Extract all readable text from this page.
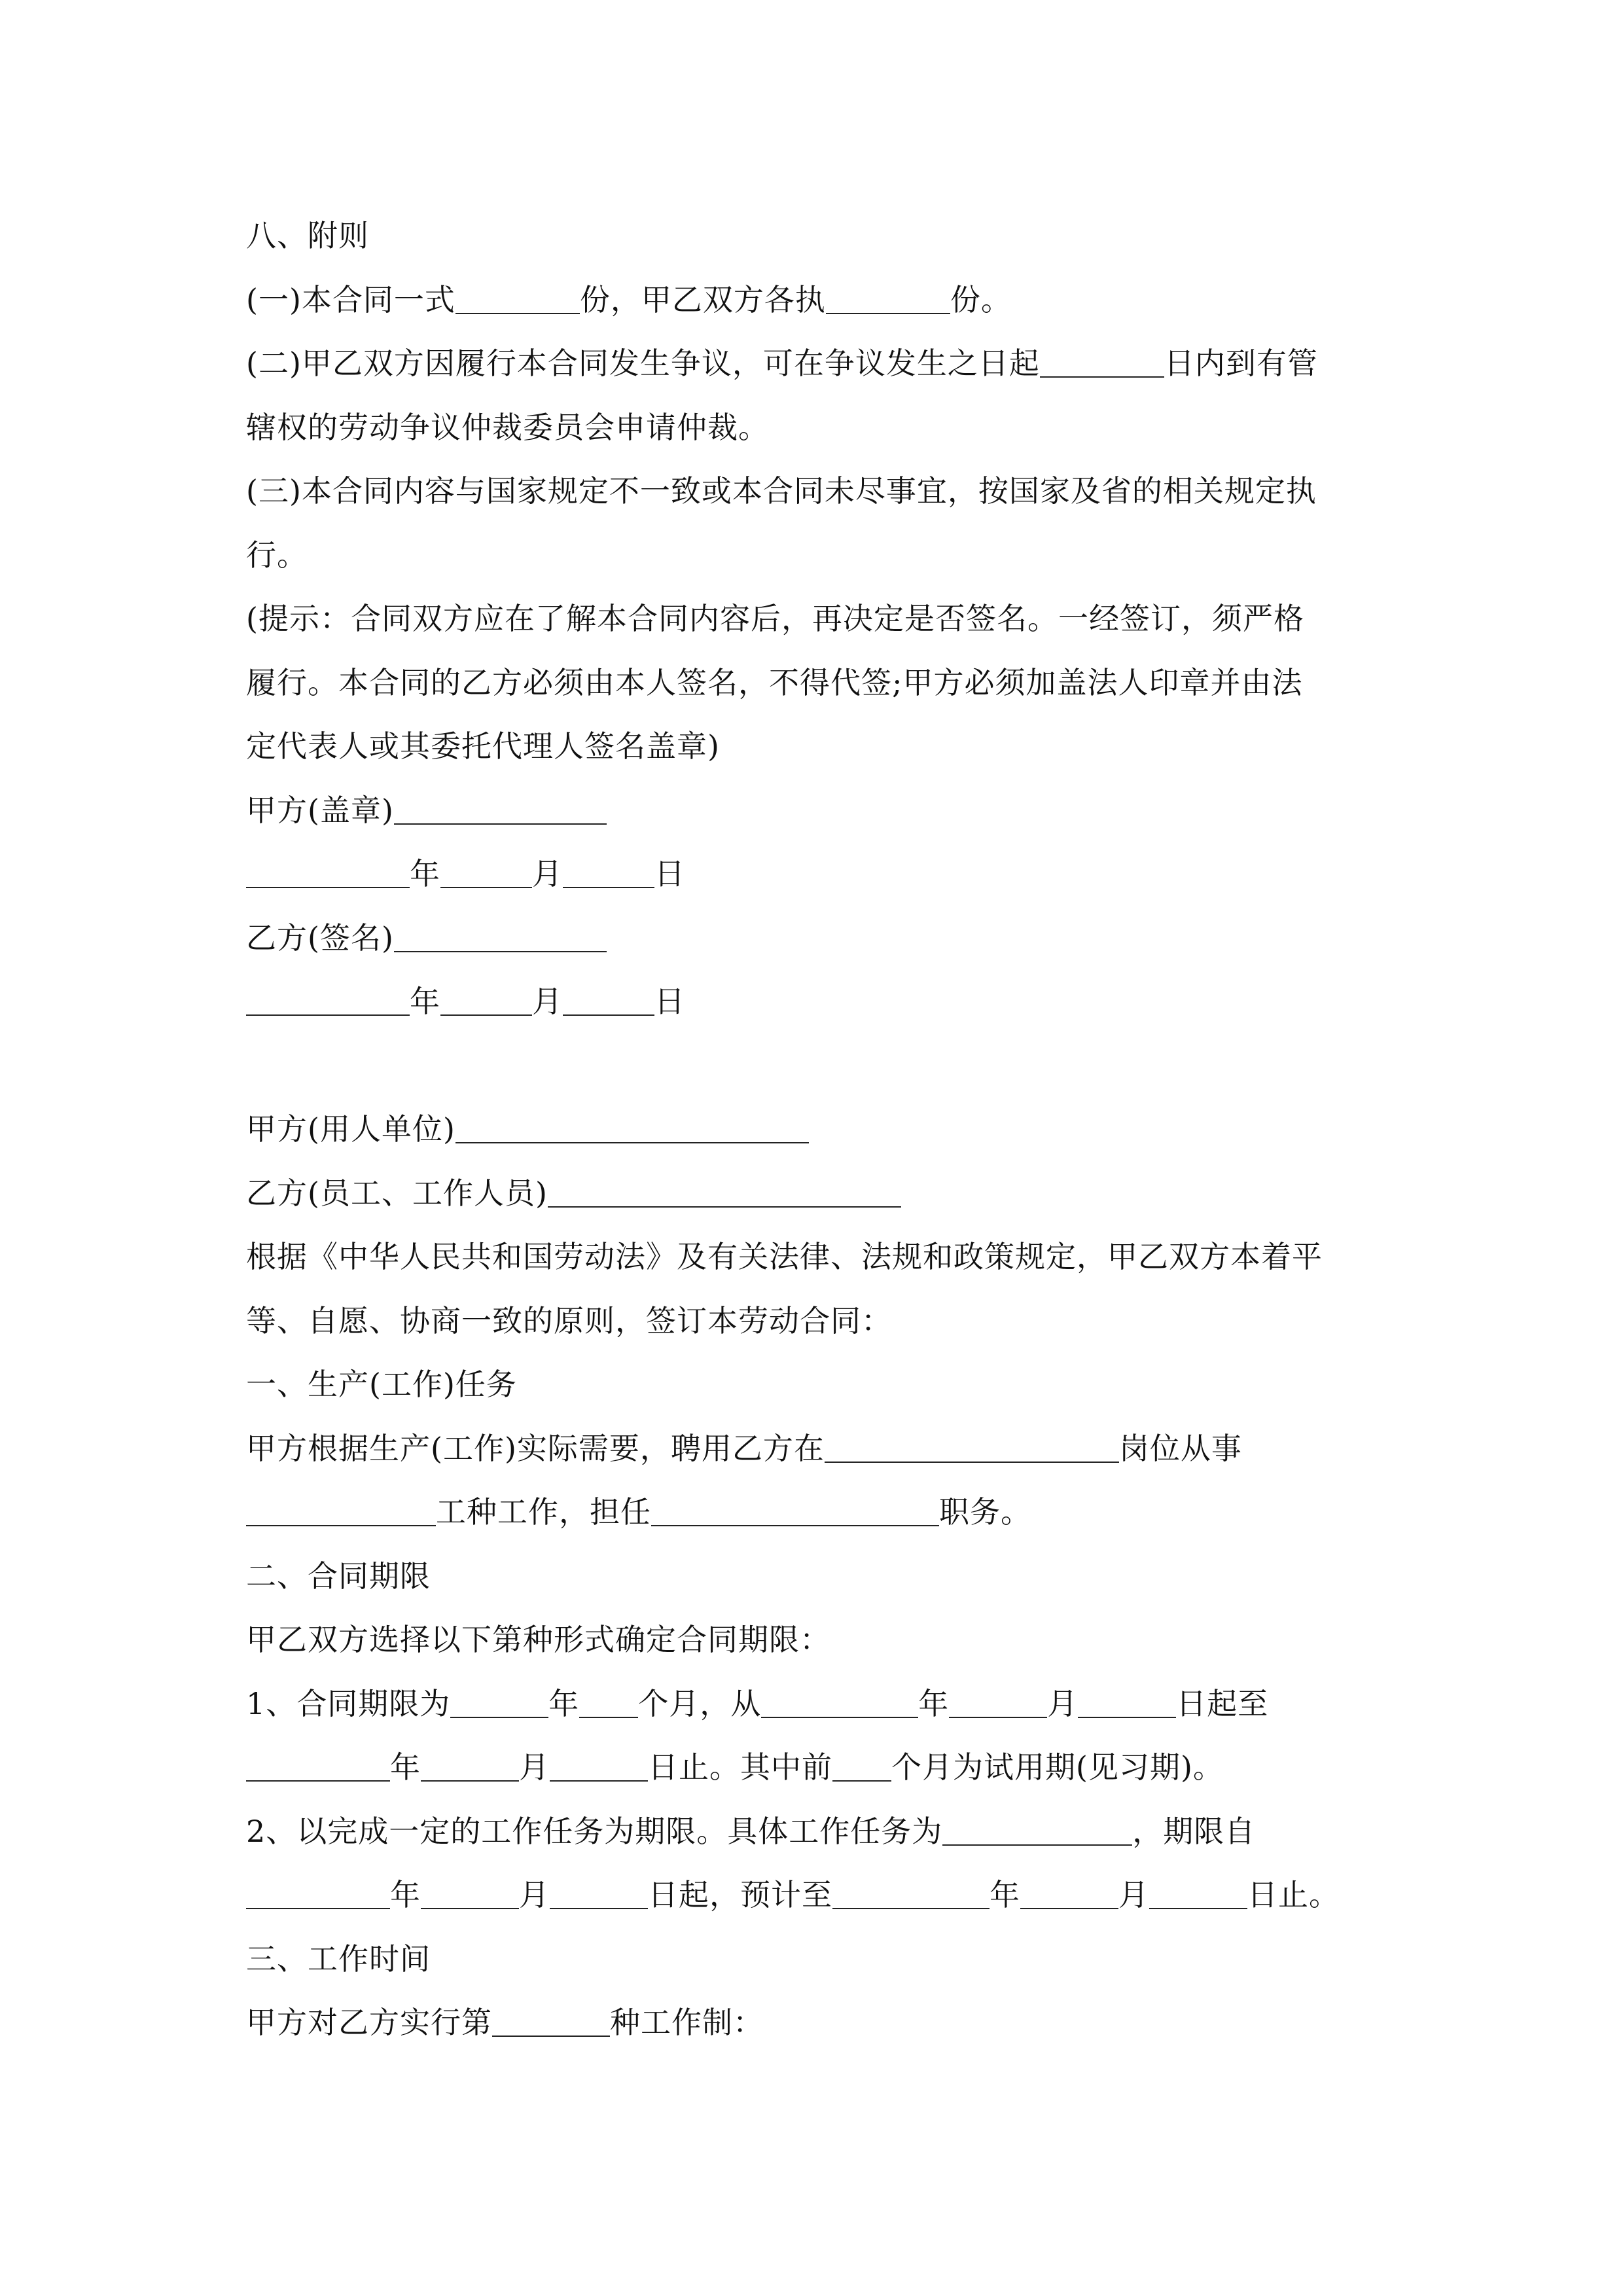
八、附则
(一)本合同一式	份，甲乙双方各执	份。
(二)甲乙双方因履行本合同发生争议，可在争议发生之日起	日内到有管
辖权的劳动争议仲裁委员会申请仲裁。
(三)本合同内容与国家规定不一致或本合同未尽事宜，按国家及省的相关规定执
行。
(提示：合同双方应在了解本合同内容后，再决定是否签名。一经签订，须严格
履行。本合同的乙方必须由本人签名，不得代签;甲方必须加盖法人印章并由法
定代表人或其委托代理人签名盖章)
甲方(盖章)
年	月	日
乙方(签名)
年	月	日
甲方(用人单位)
乙方(员工、工作人员)
根据《中华人民共和国劳动法》及有关法律、法规和政策规定，甲乙双方本着平
等、自愿、协商一致的原则，签订本劳动合同：
一、生产(工作)任务
甲方根据生产(工作)实际需要，聘用乙方在	岗位从事
工种工作，担任	职务。
二、合同期限
甲乙双方选择以下第种形式确定合同期限：
1、合同期限为	年 个月，从	年	月	日起至
年	月	日止。其中前 个月为试用期(见习期)。
2、以完成一定的工作任务为期限。具体工作任务为	，期限自
年	月	日起，预计至	年	月	日止。
三、工作时间
甲方对乙方实行第	种工作制：
